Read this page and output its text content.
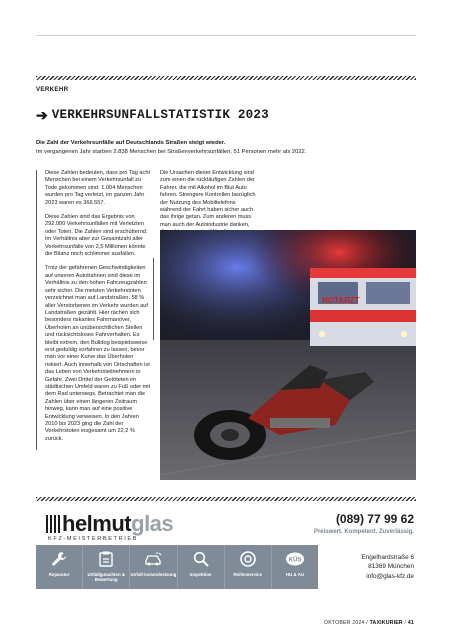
VERKEHR
➔ VERKEHRSUNFALLSTATISTIK 2023
Die Zahl der Verkehrsunfälle auf Deutschlands Straßen steigt wieder.
Im vergangenen Jahr starben 2.838 Menschen bei Straßenverkehrsunfällen, 51 Personen mehr als 2022.

Diese Zahlen bedeuten, dass pro Tag acht Menschen bei einem Verkehrsunfall zu Tode gekommen sind. 1.004 Menschen wurden pro Tag verletzt, im ganzen Jahr 2023 waren es 366.557.

Diese Zahlen sind das Ergebnis von 292.000 Verkehrsunfällen mit Verletzten oder Toten. Die Zahlen sind erschütternd. Im Verhältnis aber zur Gesamtzahl aller Verkehrsunfälle von 2,5 Millionen könnte die Bilanz noch schlimmer ausfallen.

Trotz der gefahrenen Geschwindigkeiten auf unseren Autobahnen sind diese im Verhältnis zu den hohen Fahrzeugzahlen sehr sicher. Die meisten Verkehrstoten verzeichnet man auf Landstraßen. 58 % aller Verstorbenen im Verkehr wurden auf Landstraßen gezählt. Hier rächen sich besonders riskantes Fahrmanöver, Überholen an unübersichtlichen Stellen und rücksichtsloses Fahrverhalten. Es bleibt extrem, den Bulldog beispielsweise erst geduldig vorfahren zu lassen, bevor man vor einer Kurve das Überholen riskiert. Auch innerhalb von Ortschaften ist das Leben von Verkehrsteilnehmern in Gefahr. Zwei Drittel der Getöteten im städtischen Umfeld waren zu Fuß oder mit dem Rad unterwegs. Betrachtet man die Zahlen über einen längeren Zeitraum hinweg, kann man auf eine positive Entwicklung verweisen. In den Jahren 2010 bis 2023 ging die Zahl der Verkehrstoten insgesamt um 22,2 % zurück.

Die Ursachen dieser Entwicklung sind zum einen die rückläufigen Zahlen der Fahrer, die mit Alkohol im Blut Auto fahren. Strengere Kontrollen bezüglich der Nutzung des Mobiltelefons während der Fahrt haben sicher auch das ihrige getan. Zum anderen muss man auch der Autoindustrie danken,

NOTARZT
helmutglas
KFZ-MEISTERBETRIEB
(089) 77 99 62
Preiswert. Kompetent. Zuverlässig.
Reparatur	Unfallgutachten & Bewertung
Unfall-instandsetzung	Inspektion	Reifenservice
KÜS
HU & AU
Engelhardstraße 6
81369 München
info@glas-kfz.de
OKTOBER 2024 / TAXIKURIER / 41
